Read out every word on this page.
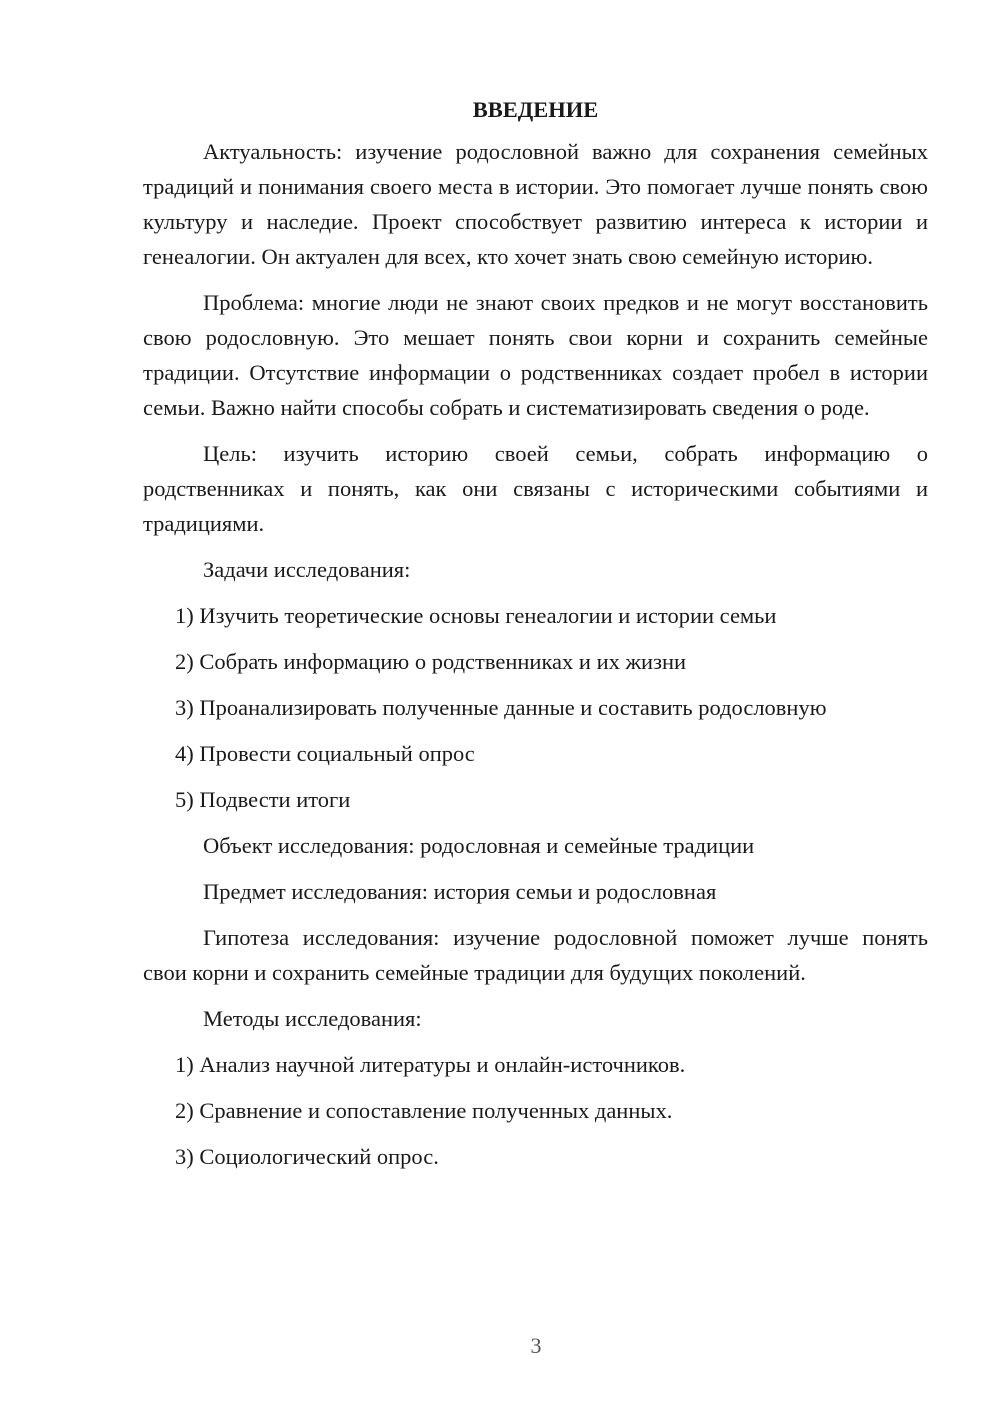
ВВЕДЕНИЕ

Актуальность: изучение родословной важно для сохранения семейных традиций и понимания своего места в истории. Это помогает лучше понять свою культуру и наследие. Проект способствует развитию интереса к истории и генеалогии. Он актуален для всех, кто хочет знать свою семейную историю.

Проблема: многие люди не знают своих предков и не могут восстановить свою родословную. Это мешает понять свои корни и сохранить семейные традиции. Отсутствие информации о родственниках создает пробел в истории семьи. Важно найти способы собрать и систематизировать сведения о роде.

Цель: изучить историю своей семьи, собрать информацию о родственниках и понять, как они связаны с историческими событиями и традициями.

Задачи исследования:
1) Изучить теоретические основы генеалогии и истории семьи
2) Собрать информацию о родственниках и их жизни
3) Проанализировать полученные данные и составить родословную
4) Провести социальный опрос
5) Подвести итоги
Объект исследования: родословная и семейные традиции
Предмет исследования: история семьи и родословная

Гипотеза исследования: изучение родословной поможет лучше понять свои корни и сохранить семейные традиции для будущих поколений.

Методы исследования:
1) Анализ научной литературы и онлайн-источников.
2) Сравнение и сопоставление полученных данных.
3) Социологический опрос.
3
